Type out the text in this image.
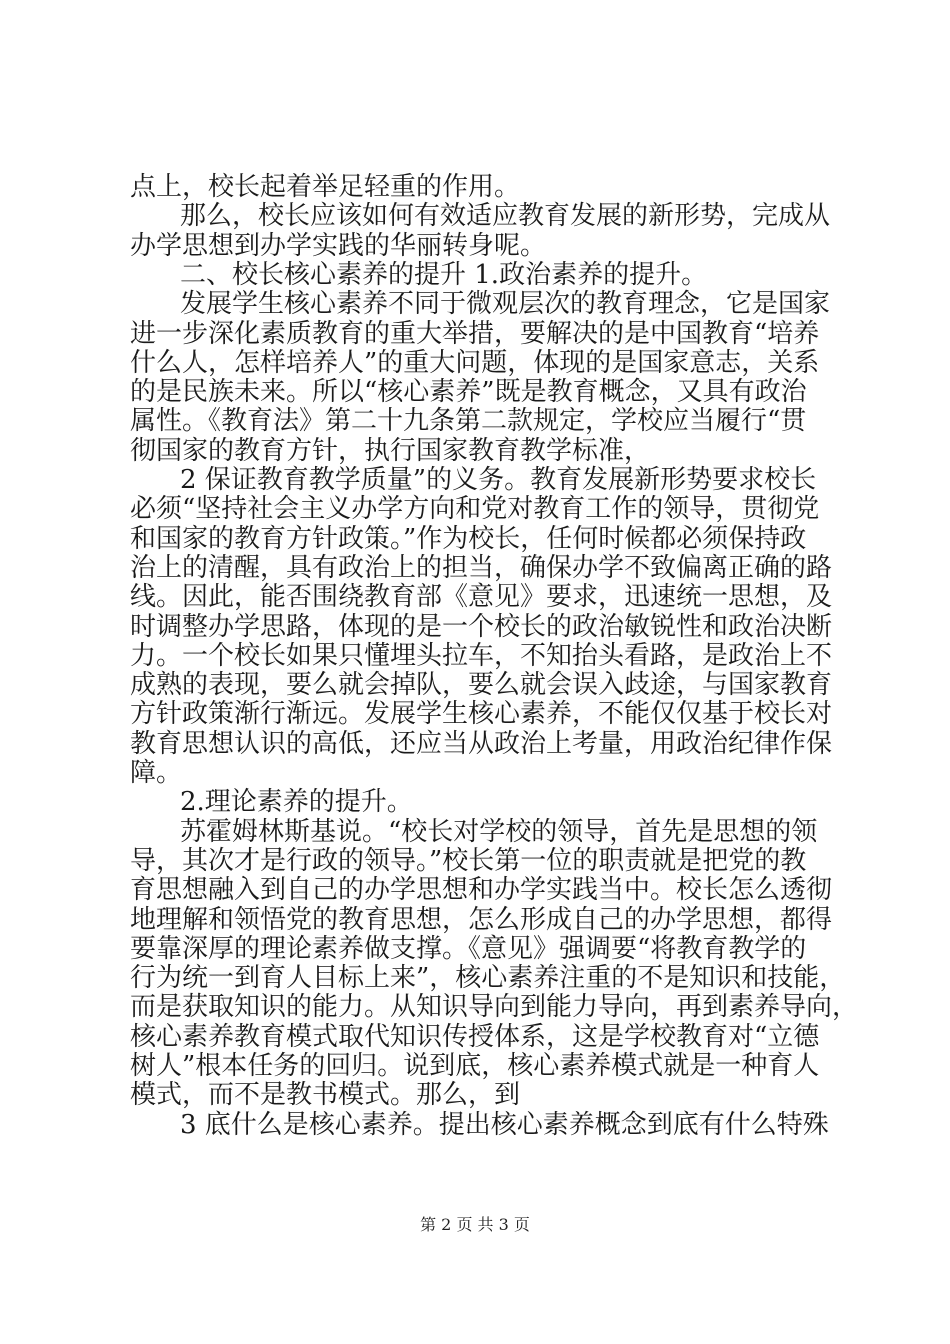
点上，校长起着举足轻重的作用。
那么，校长应该如何有效适应教育发展的新形势，完成从
办学思想到办学实践的华丽转身呢。
二、校长核心素养的提升 1.政治素养的提升。
发展学生核心素养不同于微观层次的教育理念，它是国家
进一步深化素质教育的重大举措，要解决的是中国教育“培养
什么人，怎样培养人”的重大问题，体现的是国家意志，关系
的是民族未来。所以“核心素养”既是教育概念，又具有政治
属性。《教育法》第二十九条第二款规定，学校应当履行“贯
彻国家的教育方针，执行国家教育教学标准，
2 保证教育教学质量”的义务。教育发展新形势要求校长
必须“坚持社会主义办学方向和党对教育工作的领导，贯彻党
和国家的教育方针政策。”作为校长，任何时候都必须保持政
治上的清醒，具有政治上的担当，确保办学不致偏离正确的路
线。因此，能否围绕教育部《意见》要求，迅速统一思想，及
时调整办学思路，体现的是一个校长的政治敏锐性和政治决断
力。一个校长如果只懂埋头拉车，不知抬头看路，是政治上不
成熟的表现，要么就会掉队，要么就会误入歧途，与国家教育
方针政策渐行渐远。发展学生核心素养，不能仅仅基于校长对
教育思想认识的高低，还应当从政治上考量，用政治纪律作保
障。
2.理论素养的提升。
苏霍姆林斯基说。“校长对学校的领导，首先是思想的领
导，其次才是行政的领导。”校长第一位的职责就是把党的教
育思想融入到自己的办学思想和办学实践当中。校长怎么透彻
地理解和领悟党的教育思想，怎么形成自己的办学思想，都得
要靠深厚的理论素养做支撑。《意见》强调要“将教育教学的
行为统一到育人目标上来”，核心素养注重的不是知识和技能，
而是获取知识的能力。从知识导向到能力导向，再到素养导向，
核心素养教育模式取代知识传授体系，这是学校教育对“立德
树人”根本任务的回归。说到底，核心素养模式就是一种育人
模式，而不是教书模式。那么，到
3 底什么是核心素养。提出核心素养概念到底有什么特殊
第 2 页 共 3 页
